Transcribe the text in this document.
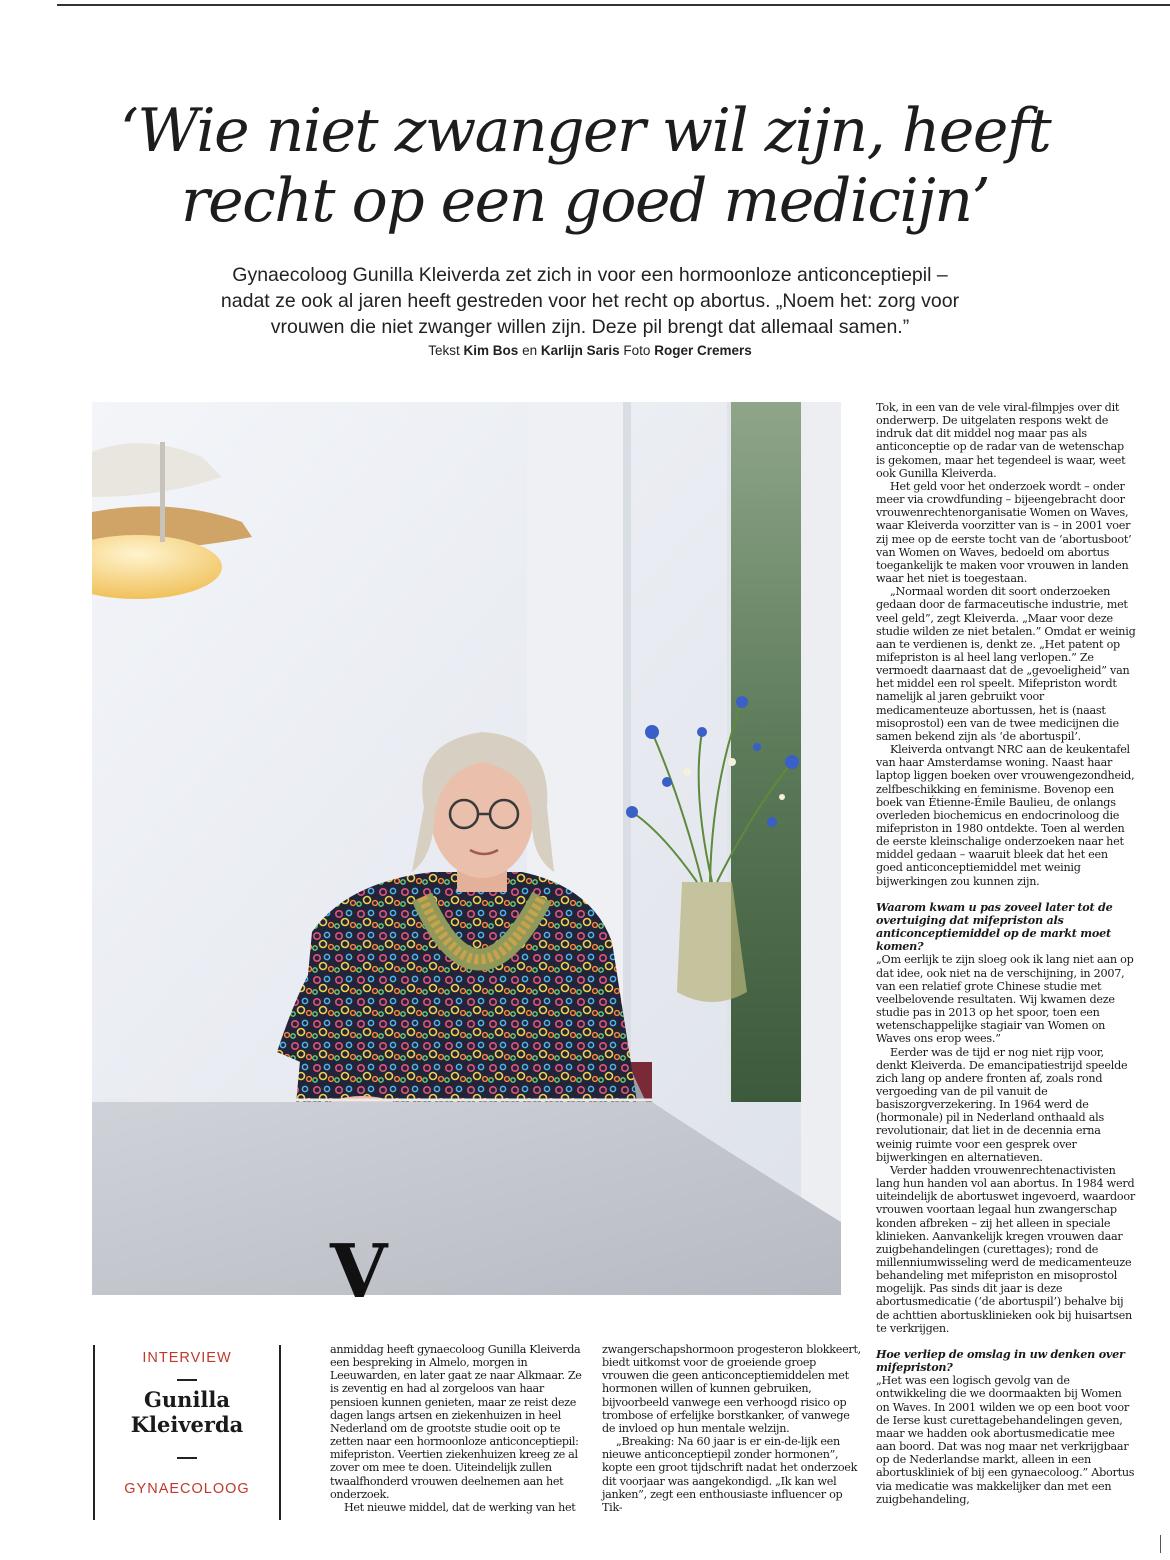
‘Wie niet zwanger wil zijn, heeft recht op een goed medicijn’

Gynaecoloog Gunilla Kleiverda zet zich in voor een hormoonloze anticonceptiepil – nadat ze ook al jaren heeft gestreden voor het recht op abortus. „Noem het: zorg voor vrouwen die niet zwanger willen zijn. Deze pil brengt dat allemaal samen.”

Tekst Kim Bos en Karlijn Saris Foto Roger Cremers
V
INTERVIEW
Gunilla Kleiverda
GYNAECOLOOG

anmiddag heeft gynaecoloog Gunilla Kleiverda een bespreking in Almelo, morgen in Leeuwarden, en later gaat ze naar Alkmaar. Ze is zeventig en had al zorgeloos van haar pensioen kunnen genieten, maar ze reist deze dagen langs artsen en ziekenhuizen in heel Nederland om de grootste studie ooit op te zetten naar een hormoonloze anticonceptiepil: mifepriston. Veertien ziekenhuizen kreeg ze al zover om mee te doen. Uiteindelijk zullen twaalfhonderd vrouwen deelnemen aan het onderzoek.

Het nieuwe middel, dat de werking van het

zwangerschapshormoon progesteron blokkeert, biedt uitkomst voor de groeiende groep vrouwen die geen anticonceptiemiddelen met hormonen willen of kunnen gebruiken, bijvoorbeeld vanwege een verhoogd risico op trombose of erfelijke borstkanker, of vanwege de invloed op hun mentale welzijn.

„Breaking: Na 60 jaar is er ein-de-lijk een nieuwe anticonceptiepil zonder hormonen”, kopte een groot tijdschrift nadat het onderzoek dit voorjaar was aangekondigd. „Ik kan wel janken”, zegt een enthousiaste influencer op Tik-

Tok, in een van de vele viral-filmpjes over dit onderwerp. De uitgelaten respons wekt de indruk dat dit middel nog maar pas als anticonceptie op de radar van de wetenschap is gekomen, maar het tegendeel is waar, weet ook Gunilla Kleiverda.

Het geld voor het onderzoek wordt – onder meer via crowdfunding – bijeengebracht door vrouwenrechtenorganisatie Women on Waves, waar Kleiverda voorzitter van is – in 2001 voer zij mee op de eerste tocht van de ‘abortusboot’ van Women on Waves, bedoeld om abortus toegankelijk te maken voor vrouwen in landen waar het niet is toegestaan.

„Normaal worden dit soort onderzoeken gedaan door de farmaceutische industrie, met veel geld”, zegt Kleiverda. „Maar voor deze studie wilden ze niet betalen.” Omdat er weinig aan te verdienen is, denkt ze. „Het patent op mifepriston is al heel lang verlopen.” Ze vermoedt daarnaast dat de „gevoeligheid” van het middel een rol speelt. Mifepriston wordt namelijk al jaren gebruikt voor medicamenteuze abortussen, het is (naast misoprostol) een van de twee medicijnen die samen bekend zijn als ‘de abortuspil’.

Kleiverda ontvangt NRC aan de keukentafel van haar Amsterdamse woning. Naast haar laptop liggen boeken over vrouwengezondheid, zelfbeschikking en feminisme. Bovenop een boek van Étienne-Émile Baulieu, de onlangs overleden biochemicus en endocrinoloog die mifepriston in 1980 ontdekte. Toen al werden de eerste kleinschalige onderzoeken naar het middel gedaan – waaruit bleek dat het een goed anticonceptiemiddel met weinig bijwerkingen zou kunnen zijn.

Waarom kwam u pas zoveel later tot de overtuiging dat mifepriston als anticonceptiemiddel op de markt moet komen?

„Om eerlijk te zijn sloeg ook ik lang niet aan op dat idee, ook niet na de verschijning, in 2007, van een relatief grote Chinese studie met veelbelovende resultaten. Wij kwamen deze studie pas in 2013 op het spoor, toen een wetenschappelijke stagiair van Women on Waves ons erop wees.”

Eerder was de tijd er nog niet rijp voor, denkt Kleiverda. De emancipatiestrijd speelde zich lang op andere fronten af, zoals rond vergoeding van de pil vanuit de basiszorgverzekering. In 1964 werd de (hormonale) pil in Nederland onthaald als revolutionair, dat liet in de decennia erna weinig ruimte voor een gesprek over bijwerkingen en alternatieven.

Verder hadden vrouwenrechtenactivisten lang hun handen vol aan abortus. In 1984 werd uiteindelijk de abortuswet ingevoerd, waardoor vrouwen voortaan legaal hun zwangerschap konden afbreken – zij het alleen in speciale klinieken. Aanvankelijk kregen vrouwen daar zuigbehandelingen (curettages); rond de millenniumwisseling werd de medicamenteuze behandeling met mifepriston en misoprostol mogelijk. Pas sinds dit jaar is deze abortusmedicatie (‘de abortuspil’) behalve bij de achttien abortusklinieken ook bij huisartsen te verkrijgen.

Hoe verliep de omslag in uw denken over mifepriston?

„Het was een logisch gevolg van de ontwikkeling die we doormaakten bij Women on Waves. In 2001 wilden we op een boot voor de Ierse kust curettagebehandelingen geven, maar we hadden ook abortusmedicatie mee aan boord. Dat was nog maar net verkrijgbaar op de Nederlandse markt, alleen in een abortuskliniek of bij een gynaecoloog.” Abortus via medicatie was makkelijker dan met een zuigbehandeling,
